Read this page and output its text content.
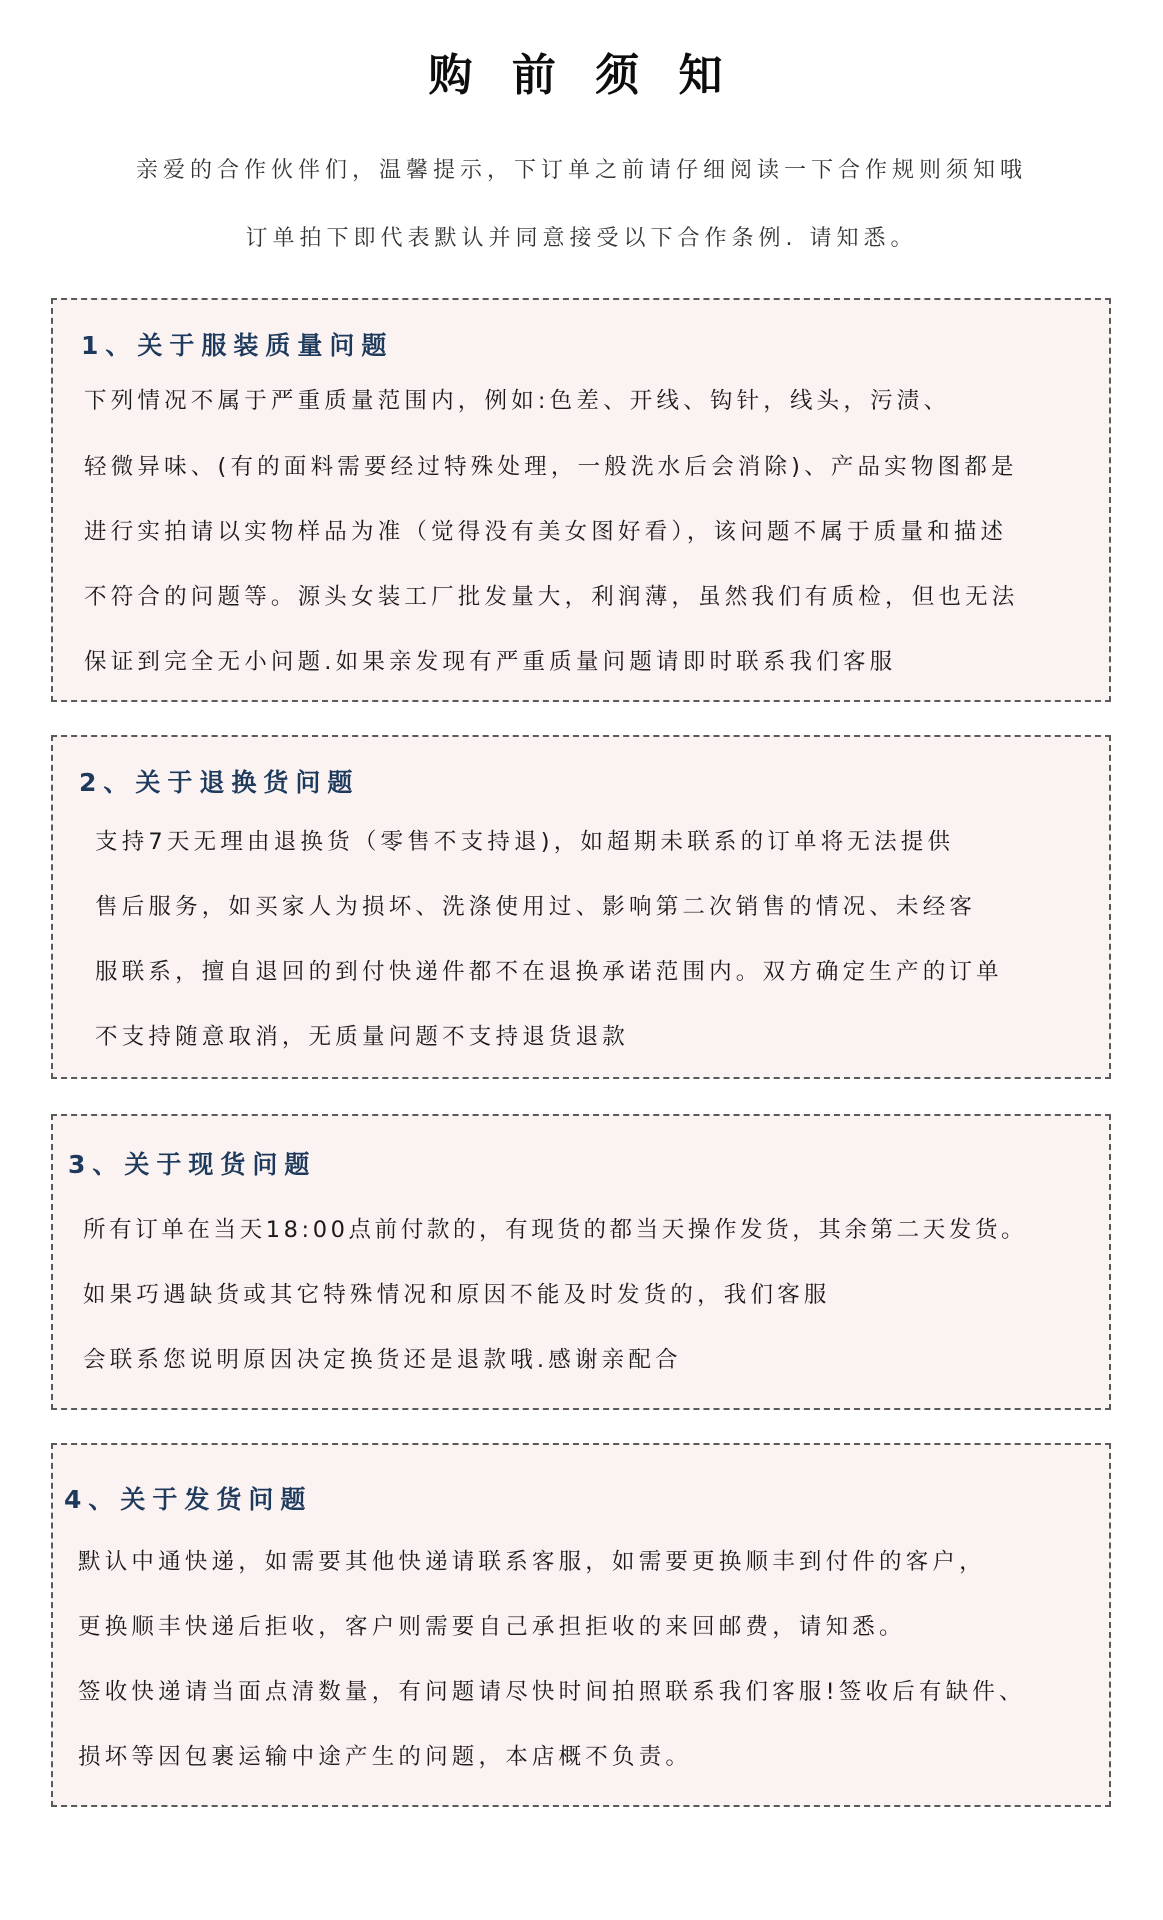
购 前 须 知
亲爱的合作伙伴们，温馨提示，下订单之前请仔细阅读一下合作规则须知哦
订单拍下即代表默认并同意接受以下合作条例. 请知悉。
1、关于服装质量问题
下列情况不属于严重质量范围内，例如:色差、开线、钩针，线头，污渍、
轻微异味、(有的面料需要经过特殊处理，一般洗水后会消除)、产品实物图都是
进行实拍请以实物样品为准（觉得没有美女图好看），该问题不属于质量和描述
不符合的问题等。源头女装工厂批发量大，利润薄，虽然我们有质检，但也无法
保证到完全无小问题.如果亲发现有严重质量问题请即时联系我们客服
2、关于退换货问题
支持7天无理由退换货（零售不支持退)，如超期未联系的订单将无法提供
售后服务，如买家人为损坏、洗涤使用过、影响第二次销售的情况、未经客
服联系，擅自退回的到付快递件都不在退换承诺范围内。双方确定生产的订单
不支持随意取消，无质量问题不支持退货退款
3、关于现货问题
所有订单在当天18:00点前付款的，有现货的都当天操作发货，其余第二天发货。
如果巧遇缺货或其它特殊情况和原因不能及时发货的，我们客服
会联系您说明原因决定换货还是退款哦.感谢亲配合
4、关于发货问题
默认中通快递，如需要其他快递请联系客服，如需要更换顺丰到付件的客户，
更换顺丰快递后拒收，客户则需要自己承担拒收的来回邮费，请知悉。
签收快递请当面点清数量，有问题请尽快时间拍照联系我们客服!签收后有缺件、
损坏等因包裹运输中途产生的问题，本店概不负责。
